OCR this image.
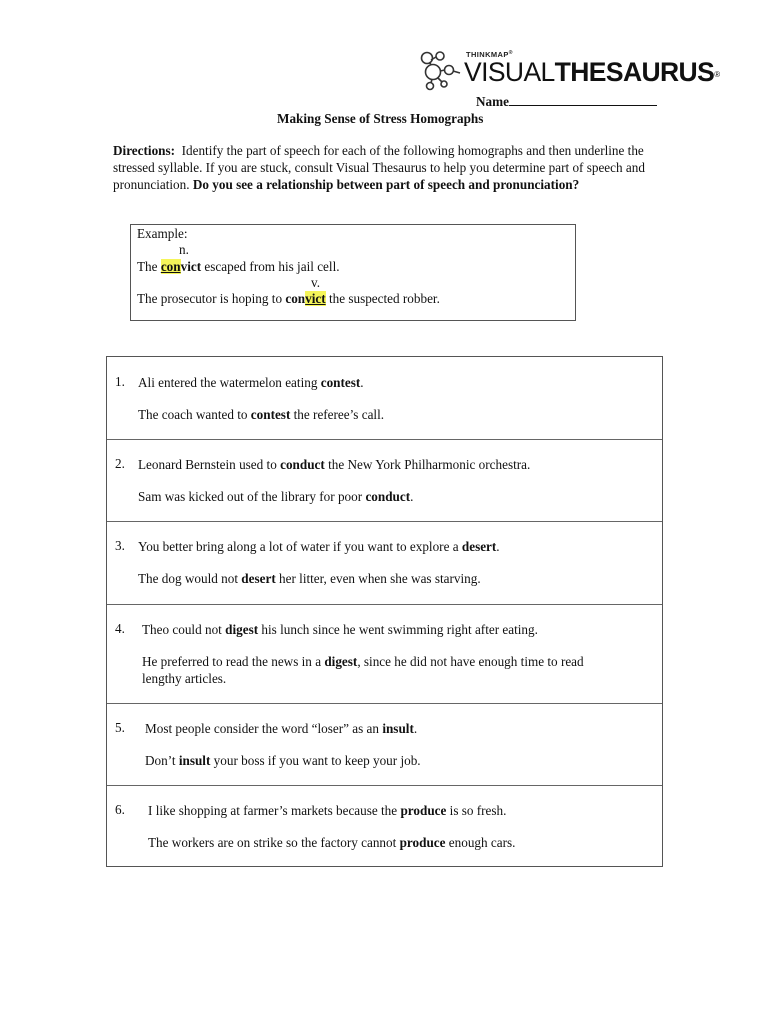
THINKMAP®
VISUALTHESAURUS®
Name
Making Sense of Stress Homographs
Directions: Identify the part of speech for each of the following homographs and then underline the stressed syllable. If you are stuck, consult Visual Thesaurus to help you determine part of speech and pronunciation. Do you see a relationship between part of speech and pronunciation?
Example:
n.
The convict escaped from his jail cell.
v.
The prosecutor is hoping to convict the suspected robber.
1. Ali entered the watermelon eating contest.
The coach wanted to contest the referee’s call.
2. Leonard Bernstein used to conduct the New York Philharmonic orchestra.
Sam was kicked out of the library for poor conduct.
3. You better bring along a lot of water if you want to explore a desert.
The dog would not desert her litter, even when she was starving.
4. Theo could not digest his lunch since he went swimming right after eating.
He preferred to read the news in a digest, since he did not have enough time to read lengthy articles.
5. Most people consider the word “loser” as an insult.
Don’t insult your boss if you want to keep your job.
6. I like shopping at farmer’s markets because the produce is so fresh.
The workers are on strike so the factory cannot produce enough cars.
